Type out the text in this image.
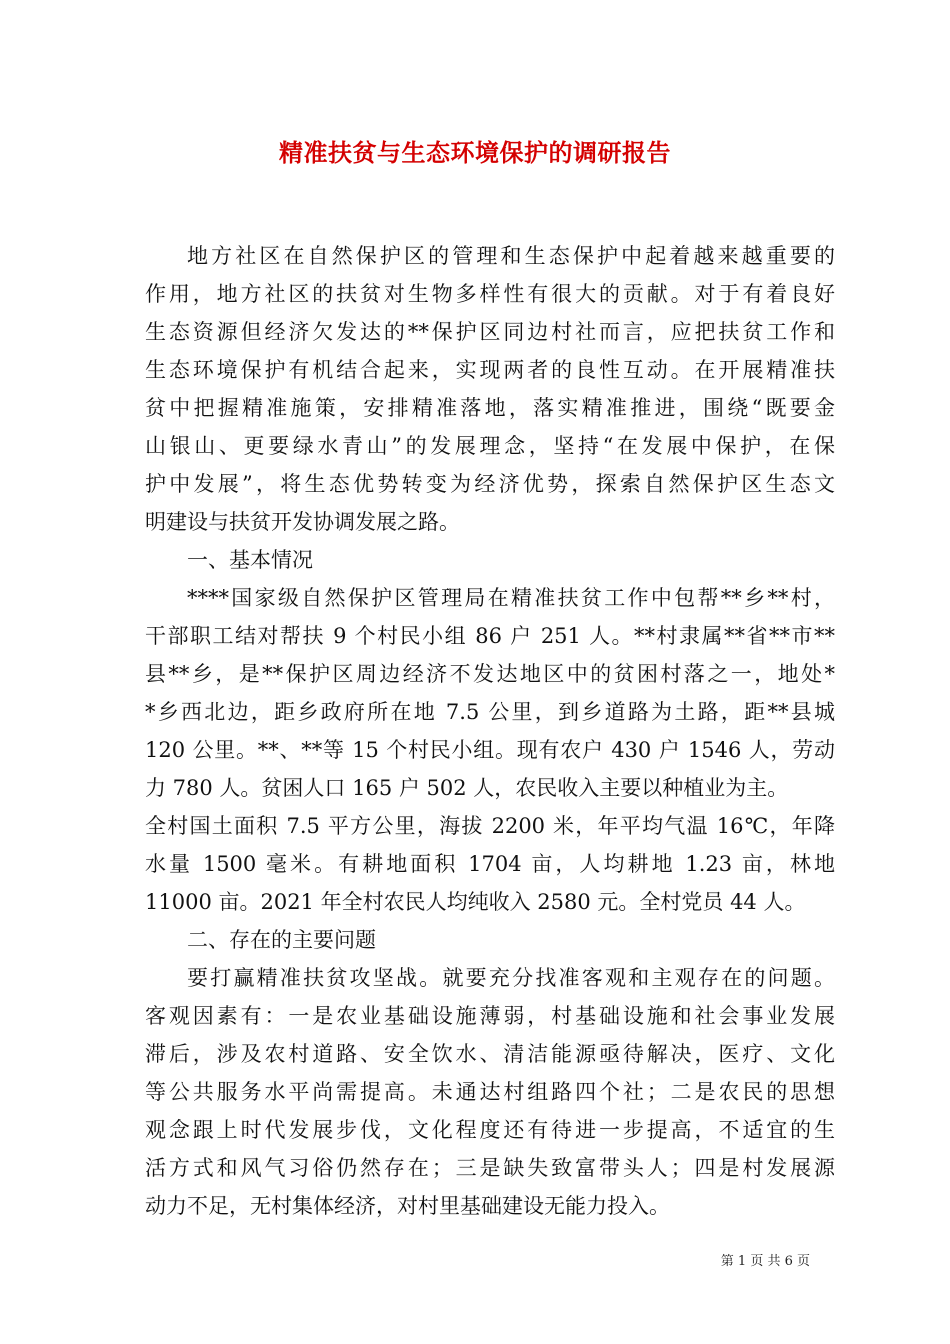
精准扶贫与生态环境保护的调研报告
地方社区在自然保护区的管理和生态保护中起着越来越重要的
作用，地方社区的扶贫对生物多样性有很大的贡献。对于有着良好
生态资源但经济欠发达的**保护区同边村社而言，应把扶贫工作和
生态环境保护有机结合起来，实现两者的良性互动。在开展精准扶
贫中把握精准施策，安排精准落地，落实精准推进，围绕“既要金
山银山、更要绿水青山”的发展理念，坚持“在发展中保护，在保
护中发展”，将生态优势转变为经济优势，探索自然保护区生态文
明建设与扶贫开发协调发展之路。
一、基本情况
****国家级自然保护区管理局在精准扶贫工作中包帮**乡**村，
干部职工结对帮扶 9 个村民小组 86 户 251 人。**村隶属**省**市**
县**乡，是**保护区周边经济不发达地区中的贫困村落之一，地处*
*乡西北边，距乡政府所在地 7.5 公里，到乡道路为土路，距**县城
120 公里。**、**等 15 个村民小组。现有农户 430 户 1546 人，劳动
力 780 人。贫困人口 165 户 502 人，农民收入主要以种植业为主。
全村国土面积 7.5 平方公里，海拔 2200 米，年平均气温 16℃，年降
水量 1500 毫米。有耕地面积 1704 亩，人均耕地 1.23 亩，林地
11000 亩。2021 年全村农民人均纯收入 2580 元。全村党员 44 人。
二、存在的主要问题
要打赢精准扶贫攻坚战。就要充分找准客观和主观存在的问题。
客观因素有：一是农业基础设施薄弱，村基础设施和社会事业发展
滞后，涉及农村道路、安全饮水、清洁能源亟待解决，医疗、文化
等公共服务水平尚需提高。未通达村组路四个社；二是农民的思想
观念跟上时代发展步伐，文化程度还有待进一步提高，不适宜的生
活方式和风气习俗仍然存在；三是缺失致富带头人；四是村发展源
动力不足，无村集体经济，对村里基础建设无能力投入。
第 1 页 共 6 页
